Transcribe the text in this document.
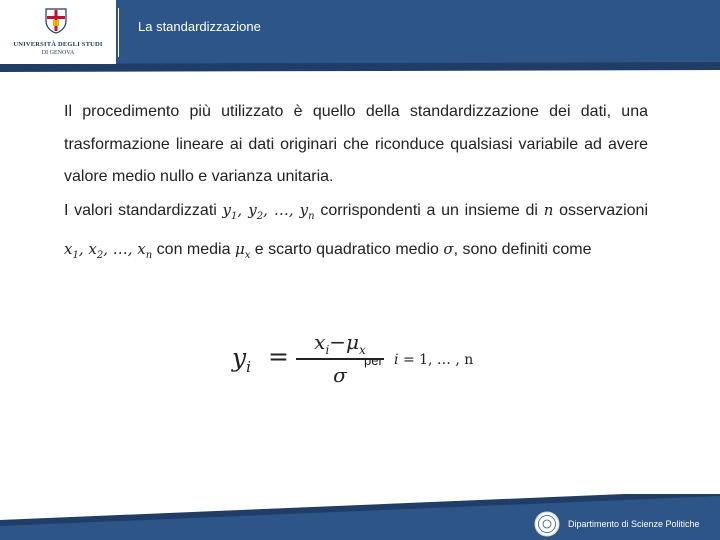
UNIVERSITÀ DEGLI STUDI
DI GENOVA
La standardizzazione

Il procedimento più utilizzato è quello della standardizzazione dei dati, una trasformazione lineare ai dati originari che riconduce qualsiasi variabile ad avere valore medio nullo e varianza unitaria.

I valori standardizzati $y_1$, $y_2$, …, $y_n$ corrispondenti a un insieme di n osservazioni $x_1$, $x_2$, …, $x_n$ con media $\mu_x$ e scarto quadratico medio σ, sono definiti come

$y_i$ =	$x_i-\mu_x$
σ
per i = 1, … , n
Dipartimento di Scienze Politiche
